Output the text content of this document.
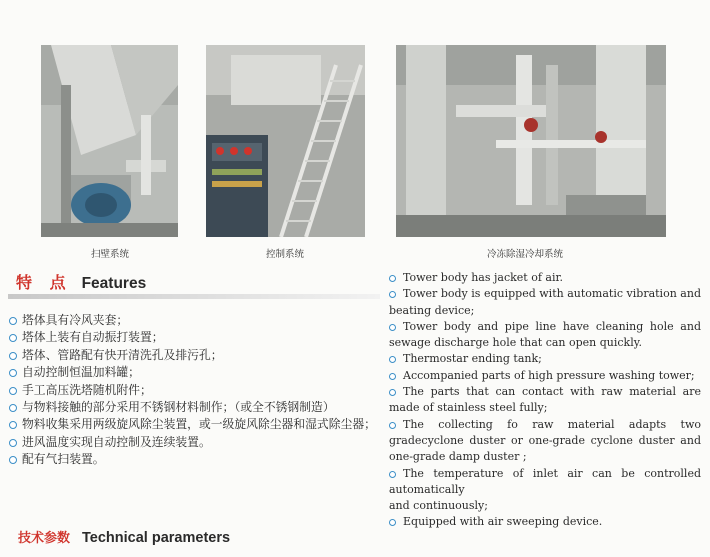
扫壁系统	控制系统	冷冻除湿冷却系统
特 点 Features
塔体具有冷风夹套；
塔体上装有自动振打装置；
塔体、管路配有快开清洗孔及排污孔；
自动控制恒温加料罐；
手工高压洗塔随机附件；
与物料接触的部分采用不锈钢材料制作；（或全不锈钢制造）
物料收集采用两级旋风除尘装置，或一级旋风除尘器和湿式除尘器；
进风温度实现自动控制及连续装置。
配有气扫装置。
Tower body has jacket of air.
Tower body is equipped with automatic vibration and beating device;
Tower body and pipe line have cleaning hole and sewage discharge hole that can open quickly.
Thermostar ending tank;
Accompanied parts of high pressure washing tower;
The parts that can contact with raw material are made of stainless steel fully;
The collecting fo raw material adapts two gradecyclone duster or one-grade cyclone duster and one-grade damp duster ;
The temperature of inlet air can be controlled automatically
and continuously;
Equipped with air sweeping device.
技术参数 Technical parameters
